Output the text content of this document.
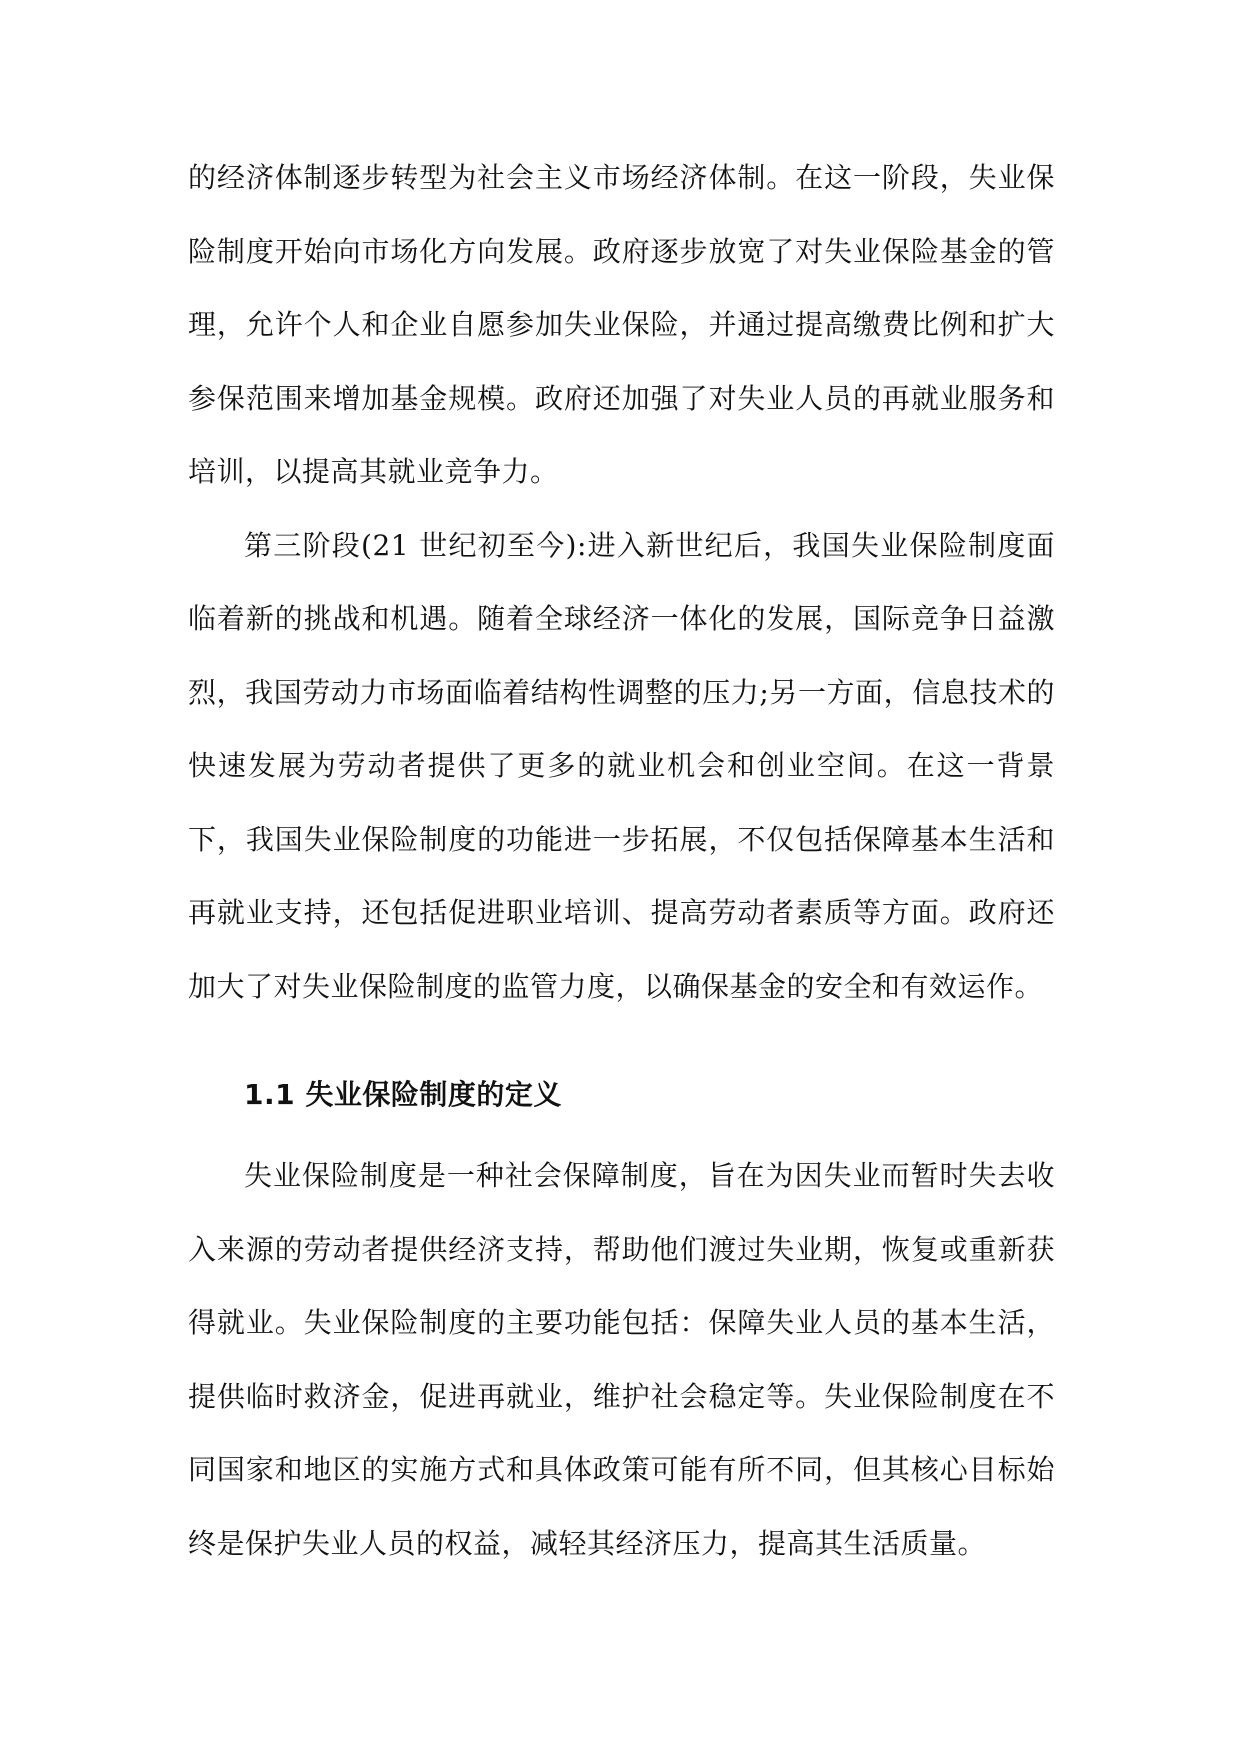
的经济体制逐步转型为社会主义市场经济体制。在这一阶段，失业保险制度开始向市场化方向发展。政府逐步放宽了对失业保险基金的管理，允许个人和企业自愿参加失业保险，并通过提高缴费比例和扩大参保范围来增加基金规模。政府还加强了对失业人员的再就业服务和培训，以提高其就业竞争力。

第三阶段(21 世纪初至今):进入新世纪后，我国失业保险制度面临着新的挑战和机遇。随着全球经济一体化的发展，国际竞争日益激烈，我国劳动力市场面临着结构性调整的压力;另一方面，信息技术的快速发展为劳动者提供了更多的就业机会和创业空间。在这一背景下，我国失业保险制度的功能进一步拓展，不仅包括保障基本生活和再就业支持，还包括促进职业培训、提高劳动者素质等方面。政府还加大了对失业保险制度的监管力度，以确保基金的安全和有效运作。

1.1 失业保险制度的定义

失业保险制度是一种社会保障制度，旨在为因失业而暂时失去收入来源的劳动者提供经济支持，帮助他们渡过失业期，恢复或重新获得就业。失业保险制度的主要功能包括：保障失业人员的基本生活，提供临时救济金，促进再就业，维护社会稳定等。失业保险制度在不同国家和地区的实施方式和具体政策可能有所不同，但其核心目标始终是保护失业人员的权益，减轻其经济压力，提高其生活质量。
